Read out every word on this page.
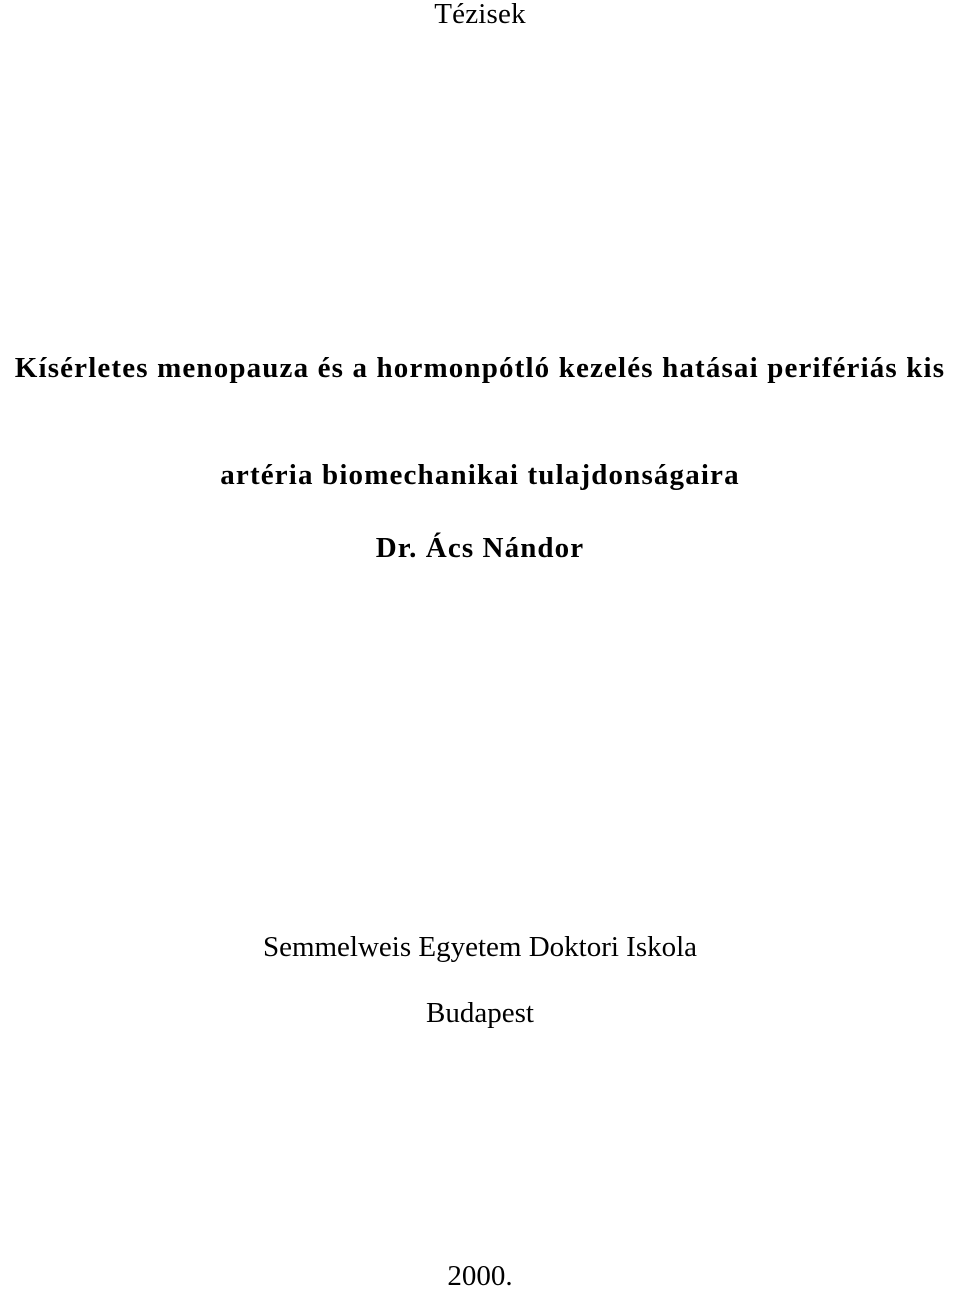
Tézisek
Kísérletes menopauza és a hormonpótló kezelés hatásai perifériás kis
artéria biomechanikai tulajdonságaira
Dr. Ács Nándor
Semmelweis Egyetem Doktori Iskola
Budapest
2000.
